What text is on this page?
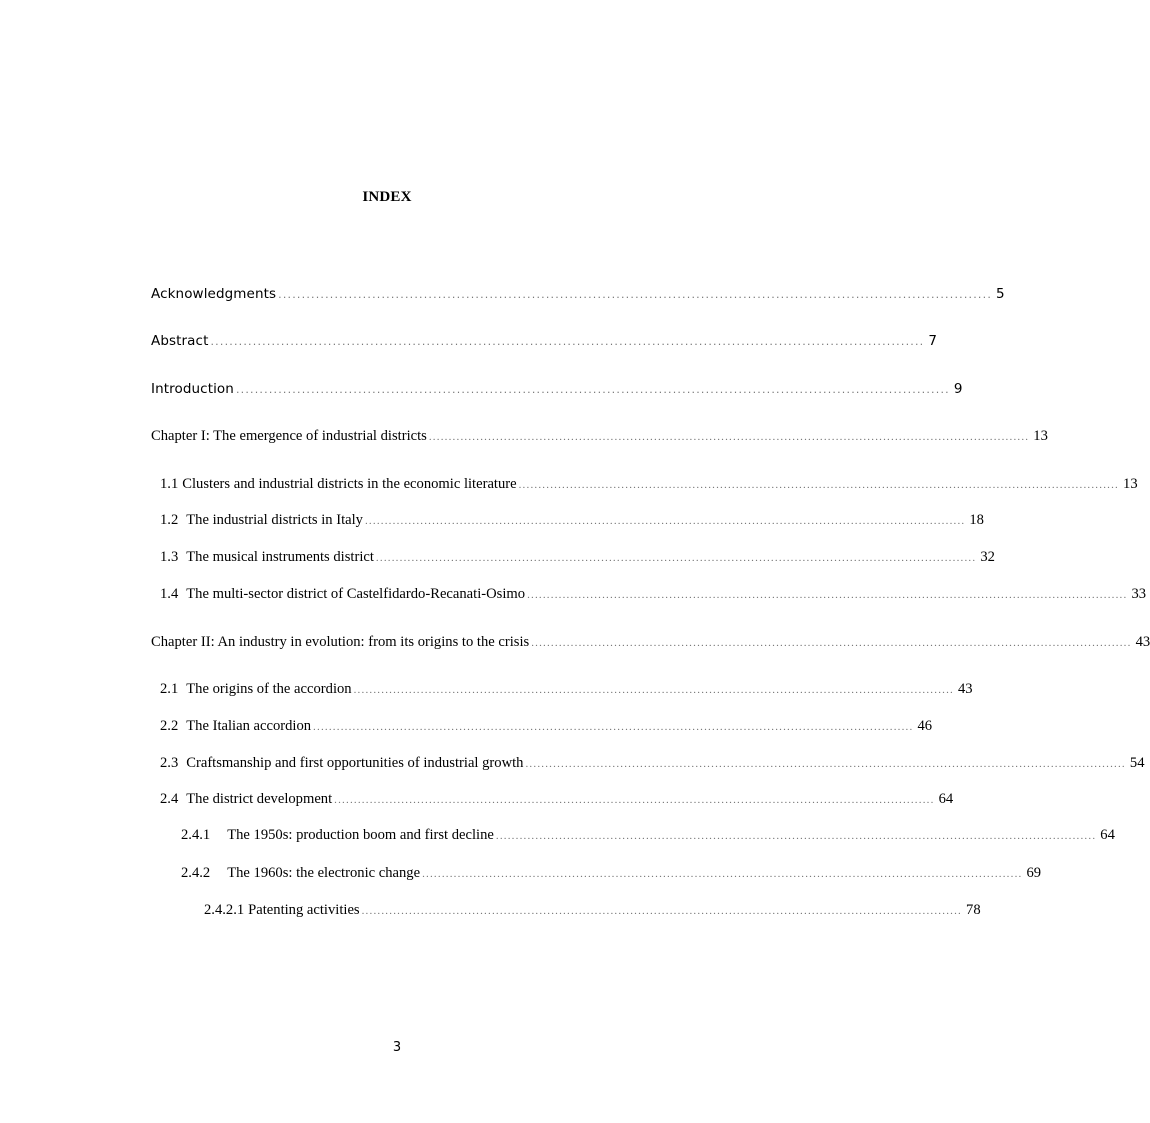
INDEX
Acknowledgments ........................................................................................................................................................ 5
Abstract ........................................................................................................................................................ 7
Introduction ........................................................................................................................................................ 9
Chapter I: The emergence of industrial districts ........................................................................................................................................................ 13
1.1 Clusters and industrial districts in the economic literature ........................................................................................................................................................ 13
1.2 The industrial districts in Italy ........................................................................................................................................................ 18
1.3 The musical instruments district ........................................................................................................................................................ 32
1.4 The multi-sector district of Castelfidardo-Recanati-Osimo ........................................................................................................................................................ 33
Chapter II: An industry in evolution: from its origins to the crisis ........................................................................................................................................................ 43
2.1 The origins of the accordion ........................................................................................................................................................ 43
2.2 The Italian accordion ........................................................................................................................................................ 46
2.3 Craftsmanship and first opportunities of industrial growth ........................................................................................................................................................ 54
2.4 The district development ........................................................................................................................................................ 64
2.4.1 The 1950s: production boom and first decline ........................................................................................................................................................ 64
2.4.2 The 1960s: the electronic change ........................................................................................................................................................ 69
2.4.2.1 Patenting activities ........................................................................................................................................................ 78
3
